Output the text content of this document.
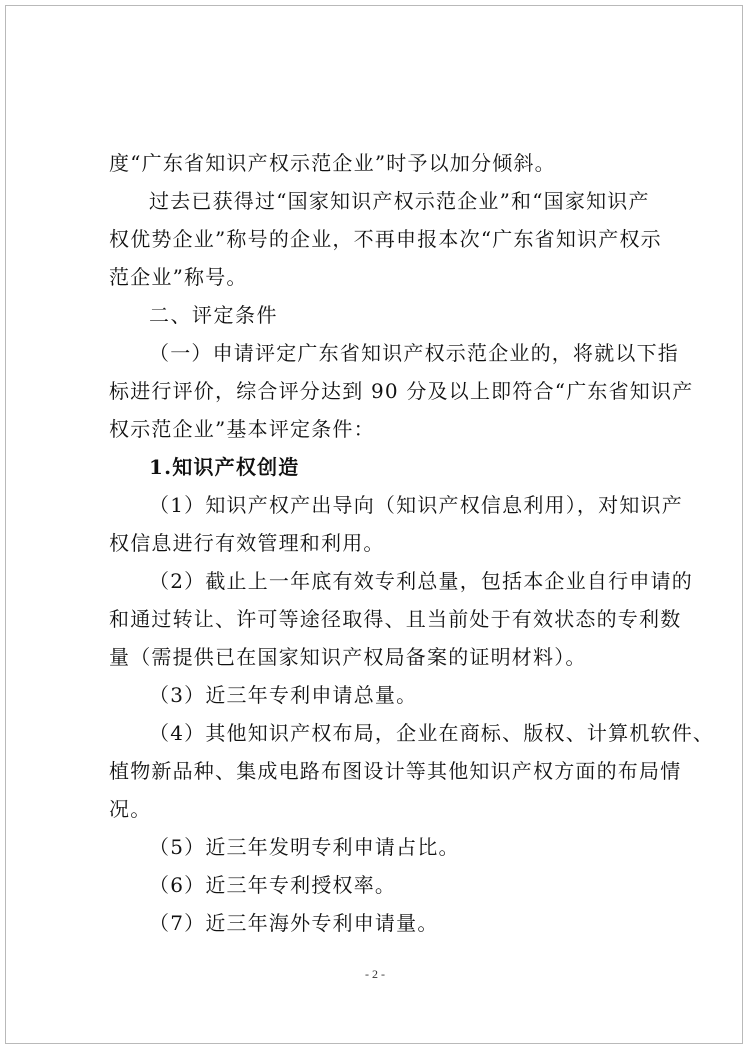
度“广东省知识产权示范企业”时予以加分倾斜。
过去已获得过“国家知识产权示范企业”和“国家知识产
权优势企业”称号的企业，不再申报本次“广东省知识产权示
范企业”称号。
二、评定条件
（一）申请评定广东省知识产权示范企业的，将就以下指
标进行评价，综合评分达到 90 分及以上即符合“广东省知识产
权示范企业”基本评定条件：
1.知识产权创造
（1）知识产权产出导向（知识产权信息利用），对知识产
权信息进行有效管理和利用。
（2）截止上一年底有效专利总量，包括本企业自行申请的
和通过转让、许可等途径取得、且当前处于有效状态的专利数
量（需提供已在国家知识产权局备案的证明材料）。
（3）近三年专利申请总量。
（4）其他知识产权布局，企业在商标、版权、计算机软件、
植物新品种、集成电路布图设计等其他知识产权方面的布局情
况。
（5）近三年发明专利申请占比。
（6）近三年专利授权率。
（7）近三年海外专利申请量。
- 2 -
